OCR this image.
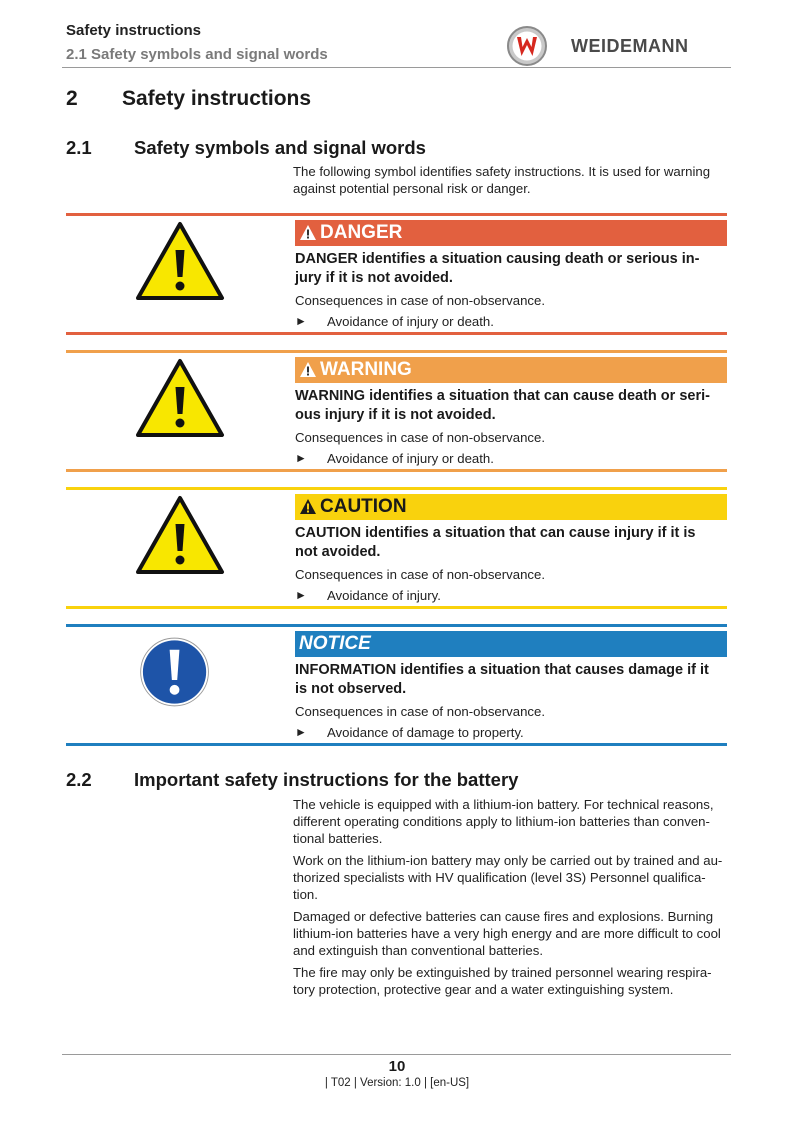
Safety instructions
2.1 Safety symbols and signal words	WEIDEMANN
2 Safety instructions
2.1 Safety symbols and signal words
The following symbol identifies safety instructions. It is used for warning against potential personal risk or danger.
DANGER
DANGER identifies a situation causing death or serious in-
jury if it is not avoided.
Consequences in case of non-observance.
► Avoidance of injury or death.
WARNING
WARNING identifies a situation that can cause death or seri-
ous injury if it is not avoided.
Consequences in case of non-observance.
► Avoidance of injury or death.
CAUTION
CAUTION identifies a situation that can cause injury if it is
not avoided.
Consequences in case of non-observance.
► Avoidance of injury.
NOTICE
INFORMATION identifies a situation that causes damage if it
is not observed.
Consequences in case of non-observance.
► Avoidance of damage to property.
2.2 Important safety instructions for the battery
The vehicle is equipped with a lithium-ion battery. For technical reasons,
different operating conditions apply to lithium-ion batteries than conven-
tional batteries.
Work on the lithium-ion battery may only be carried out by trained and au-
thorized specialists with HV qualification (level 3S) Personnel qualifica-
tion.
Damaged or defective batteries can cause fires and explosions. Burning
lithium-ion batteries have a very high energy and are more difficult to cool
and extinguish than conventional batteries.
The fire may only be extinguished by trained personnel wearing respira-
tory protection, protective gear and a water extinguishing system.
10
| T02 | Version: 1.0 | [en-US]
